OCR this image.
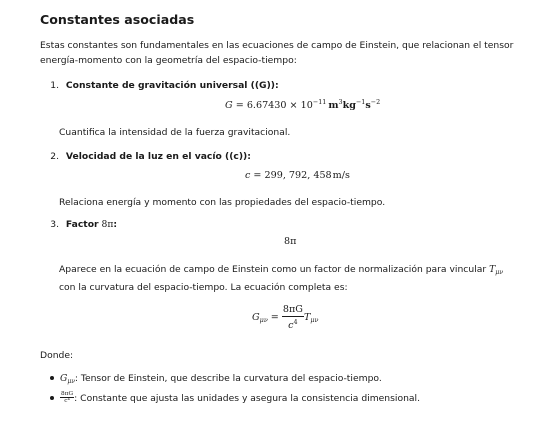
Constantes asociadas
Estas constantes son fundamentales en las ecuaciones de campo de Einstein, que relacionan el tensor energía-momento con la geometría del espacio-tiempo:
1. Constante de gravitación universal ((G)):
$G = 6.67430 \times 10^{-11}$ $m^3kg^{-1}s^{-2}$
Cuantifica la intensidad de la fuerza gravitacional.
2. Velocidad de la luz en el vacío ((c)):
c = 299, 792, 458m/s
Relaciona energía y momento con las propiedades del espacio-tiempo.
3. Factor 8π:
8π
Aparece en la ecuación de campo de Einstein como un factor de normalización para vincular $T_{\mu\nu}$ con la curvatura del espacio-tiempo. La ecuación completa es:
$G_{\mu\nu} = \frac{8\pi G}{c^4} T_{\mu\nu}$
Donde:
$G_{\mu\nu}$: Tensor de Einstein, que describe la curvatura del espacio-tiempo.
$\frac{8\pi G}{\text{c⁴}}$ : Constante que ajusta las unidades y asegura la consistencia dimensional.
